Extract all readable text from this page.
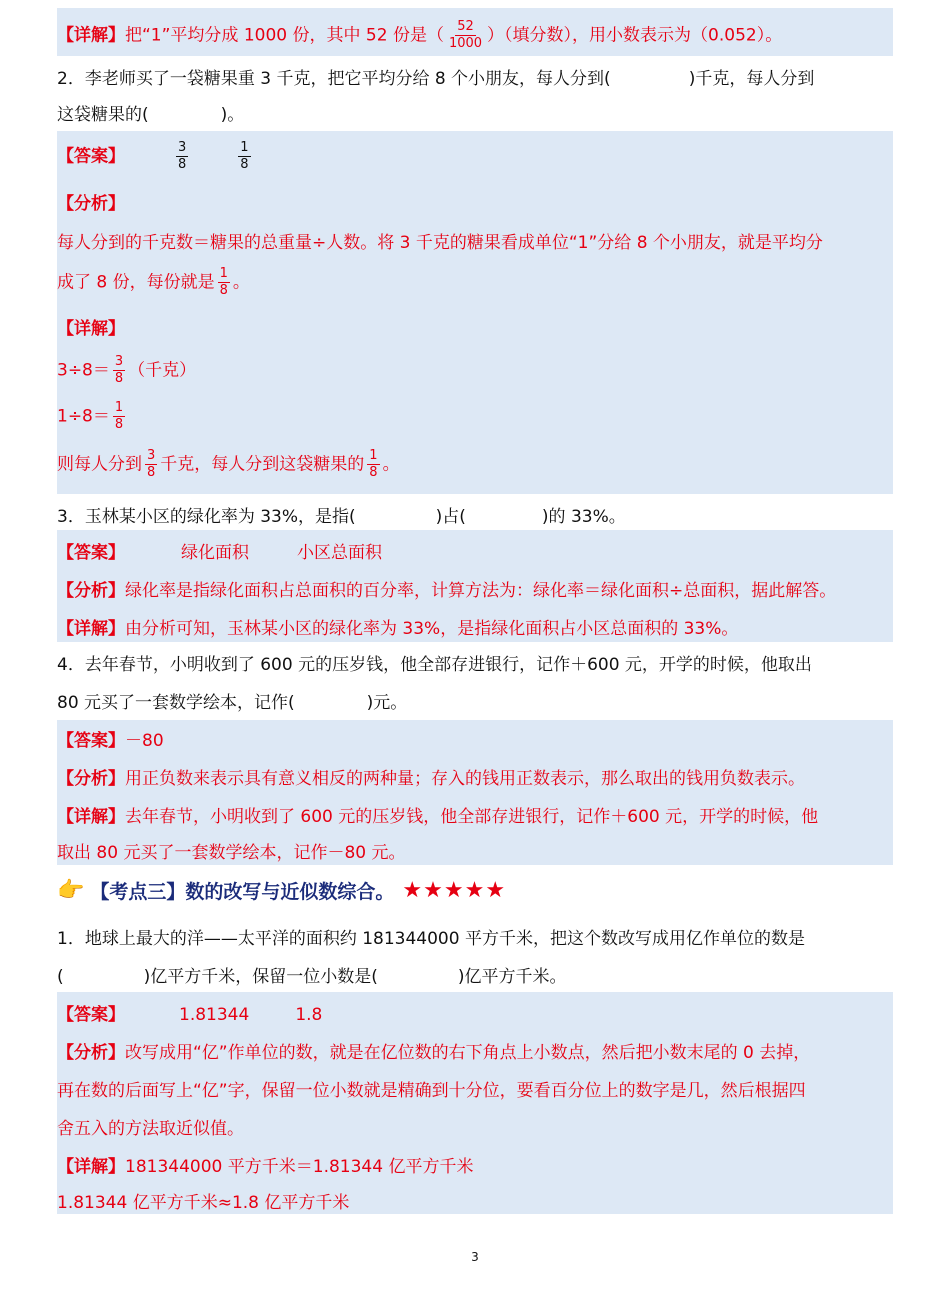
【详解】把“1”平均分成 1000 份，其中 52 份是（ $\frac{52}{1000}$ ）（填分数），用小数表示为（0.052）。
2．李老师买了一袋糖果重 3 千克，把它平均分给 8 个小朋友，每人分到(	)千克，每人分到
这袋糖果的(	)。
【答案】	$\frac{3}{8}$	$\frac{1}{8}$
【分析】
每人分到的千克数＝糖果的总重量÷人数。将 3 千克的糖果看成单位“1”分给 8 个小朋友，就是平均分
成了 8 份，每份就是 $\frac{1}{8}$ 。
【详解】
$3\div 8= \frac{3}{8}$ （千克）
$1\div 8= \frac{1}{8}$
则每人分到 $\frac{3}{8}$ 千克，每人分到这袋糖果的 $\frac{1}{8}$ 。
3．玉林某小区的绿化率为 33%，是指(	)占(	)的 33%。
【答案】	绿化面积	小区总面积
【分析】绿化率是指绿化面积占总面积的百分率，计算方法为：绿化率＝绿化面积÷总面积，据此解答。
【详解】由分析可知，玉林某小区的绿化率为 33%，是指绿化面积占小区总面积的 33%。
4．去年春节，小明收到了 600 元的压岁钱，他全部存进银行，记作＋600 元，开学的时候，他取出
80 元买了一套数学绘本，记作(	)元。
【答案】－80
【分析】用正负数来表示具有意义相反的两种量；存入的钱用正数表示，那么取出的钱用负数表示。
【详解】去年春节，小明收到了 600 元的压岁钱，他全部存进银行，记作＋600 元，开学的时候，他
取出 80 元买了一套数学绘本，记作－80 元。
👉 【考点三】数的改写与近似数综合。 ★★★★★
1．地球上最大的洋——太平洋的面积约 181344000 平方千米，把这个数改写成用亿作单位的数是
(	)亿平方千米，保留一位小数是(	)亿平方千米。
【答案】	1.81344	1.8
【分析】改写成用“亿”作单位的数，就是在亿位数的右下角点上小数点，然后把小数末尾的 0 去掉，
再在数的后面写上“亿”字，保留一位小数就是精确到十分位，要看百分位上的数字是几，然后根据四
舍五入的方法取近似值。
【详解】181344000 平方千米＝1.81344 亿平方千米
1.81344 亿平方千米≈1.8 亿平方千米
3
